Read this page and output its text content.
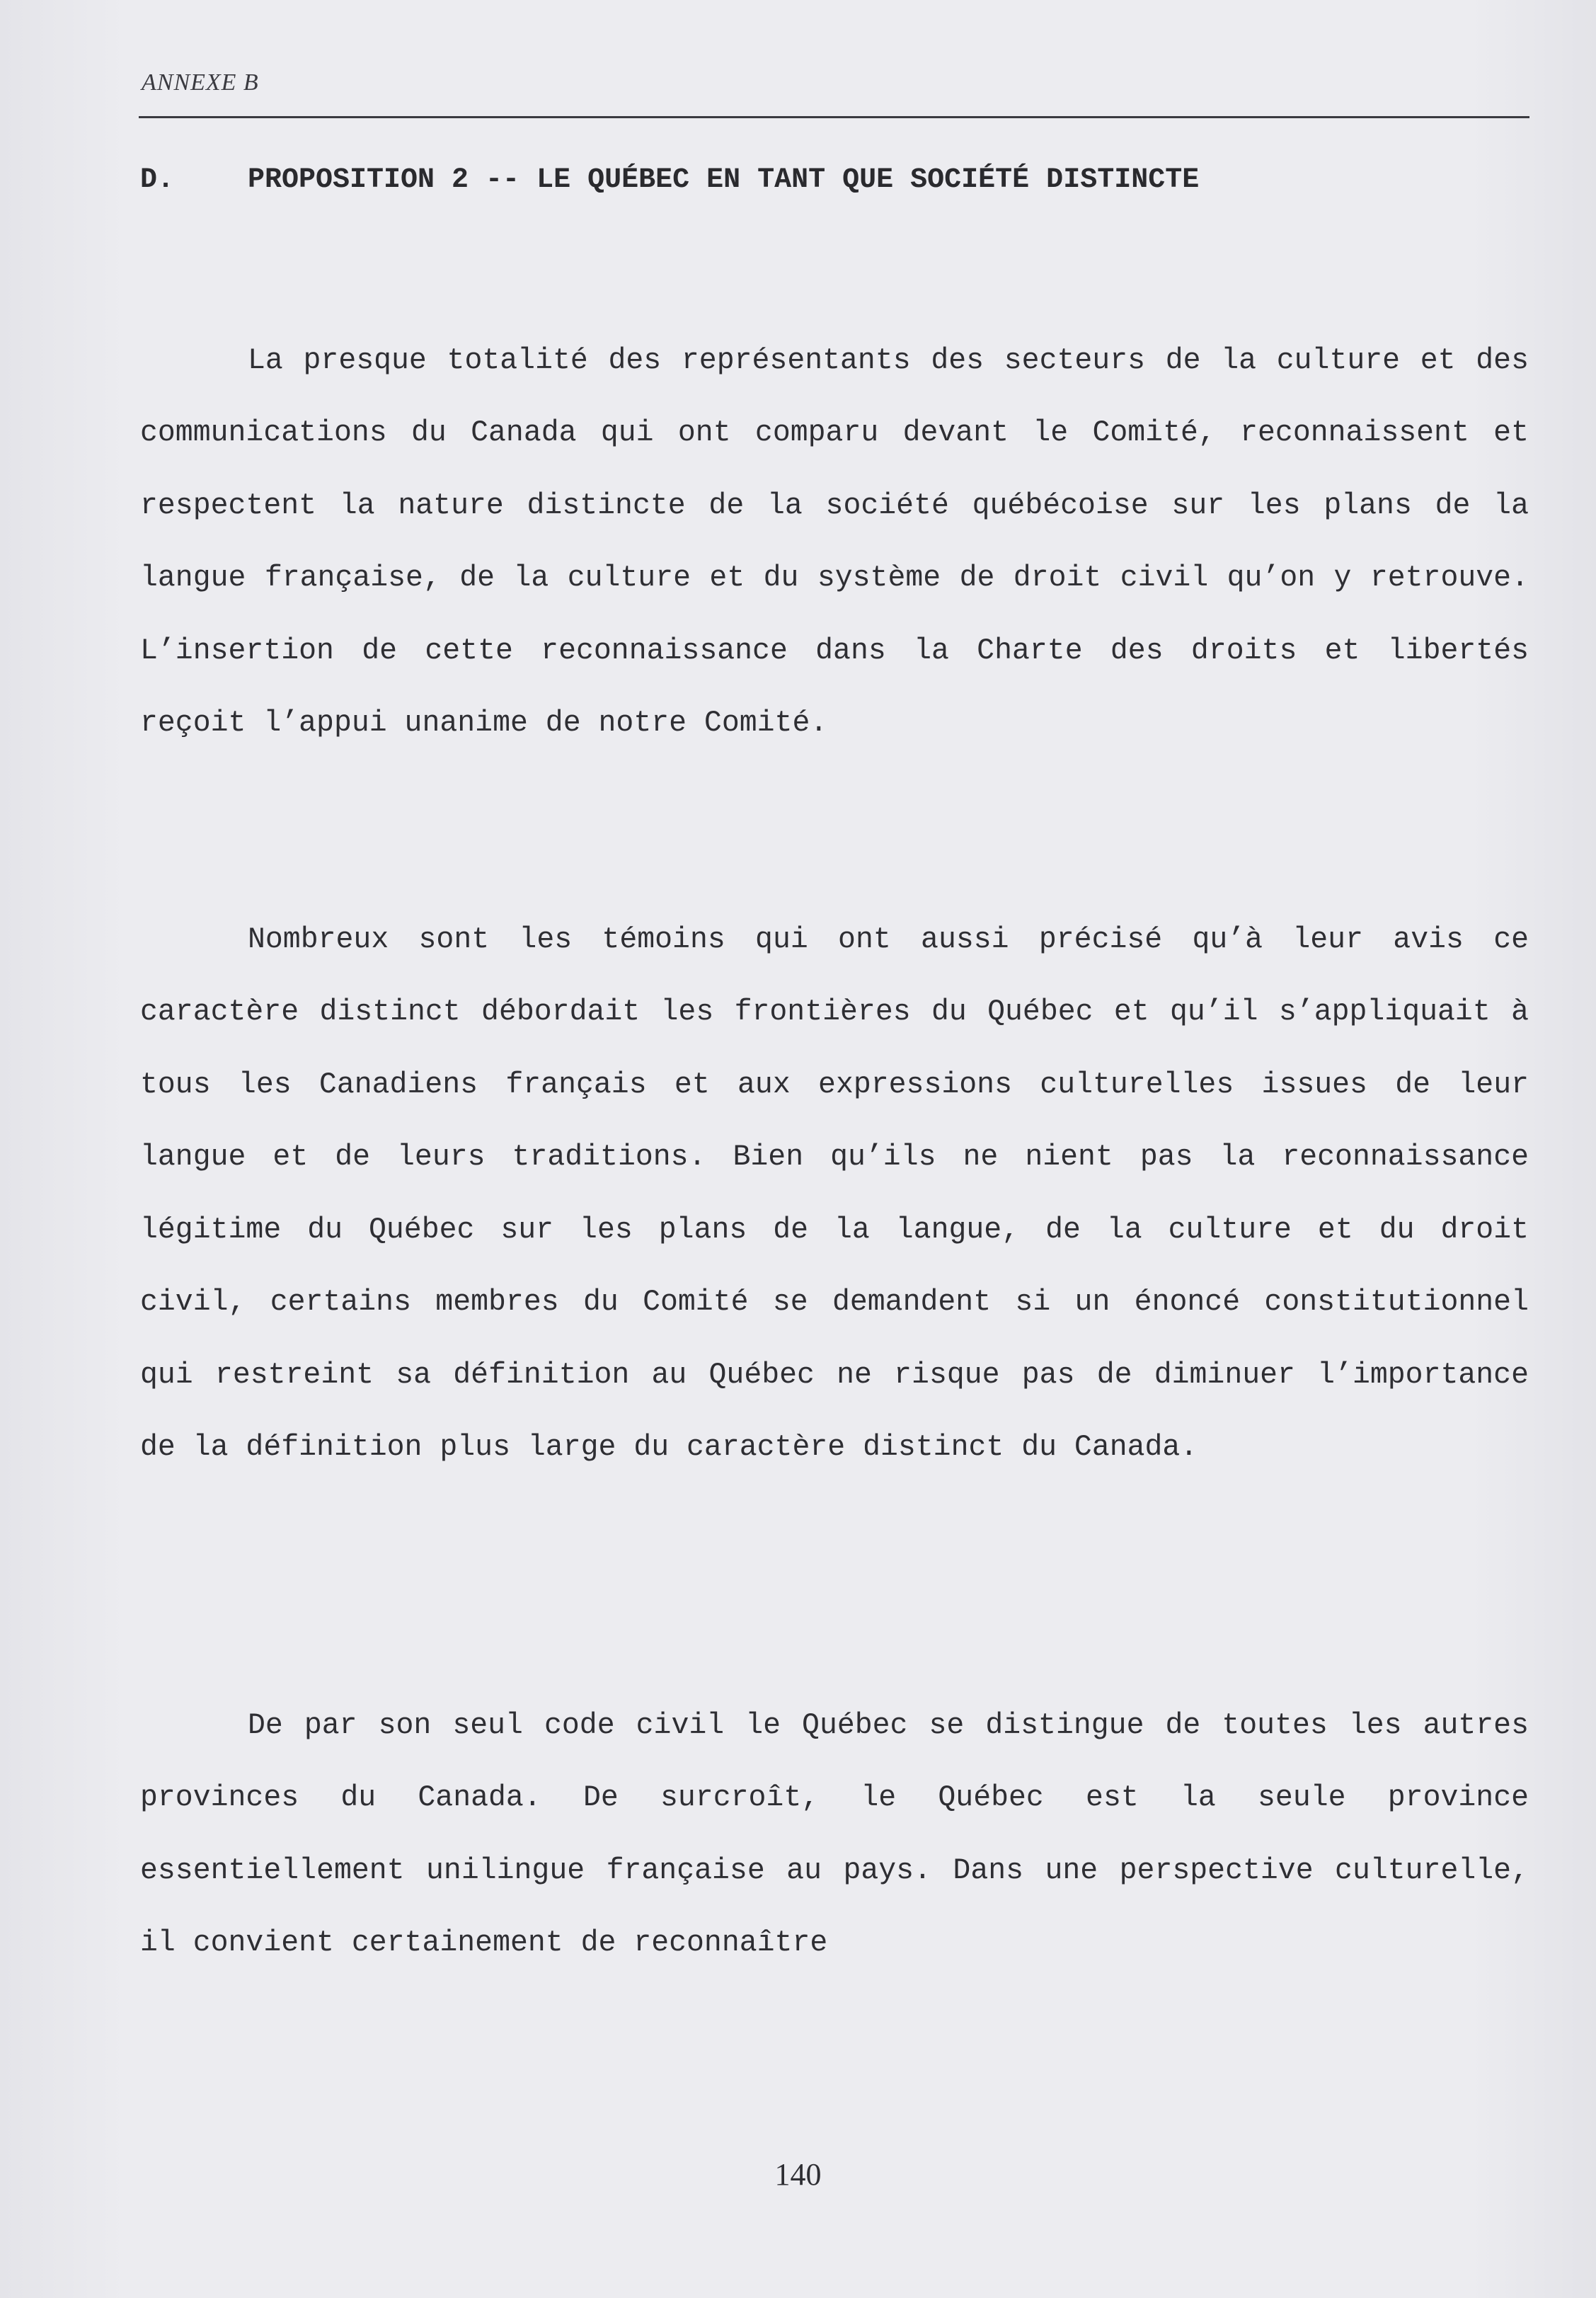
ANNEXE B
D.	PROPOSITION 2 -- LE QUÉBEC EN TANT QUE SOCIÉTÉ DISTINCTE

La presque totalité des représentants des secteurs de la culture et des communications du Canada qui ont comparu devant le Comité, reconnaissent et respectent la nature distincte de la société québécoise sur les plans de la langue française, de la culture et du système de droit civil qu’on y retrouve. L’insertion de cette reconnaissance dans la Charte des droits et libertés reçoit l’appui unanime de notre Comité.

Nombreux sont les témoins qui ont aussi précisé qu’à leur avis ce caractère distinct débordait les frontières du Québec et qu’il s’appliquait à tous les Canadiens français et aux expressions culturelles issues de leur langue et de leurs traditions. Bien qu’ils ne nient pas la reconnaissance légitime du Québec sur les plans de la langue, de la culture et du droit civil, certains membres du Comité se demandent si un énoncé constitutionnel qui restreint sa définition au Québec ne risque pas de diminuer l’importance de la définition plus large du caractère distinct du Canada.

De par son seul code civil le Québec se distingue de toutes les autres provinces du Canada. De surcroît, le Québec est la seule province essentiellement unilingue française au pays. Dans une perspective culturelle, il convient certainement de reconnaître

140
